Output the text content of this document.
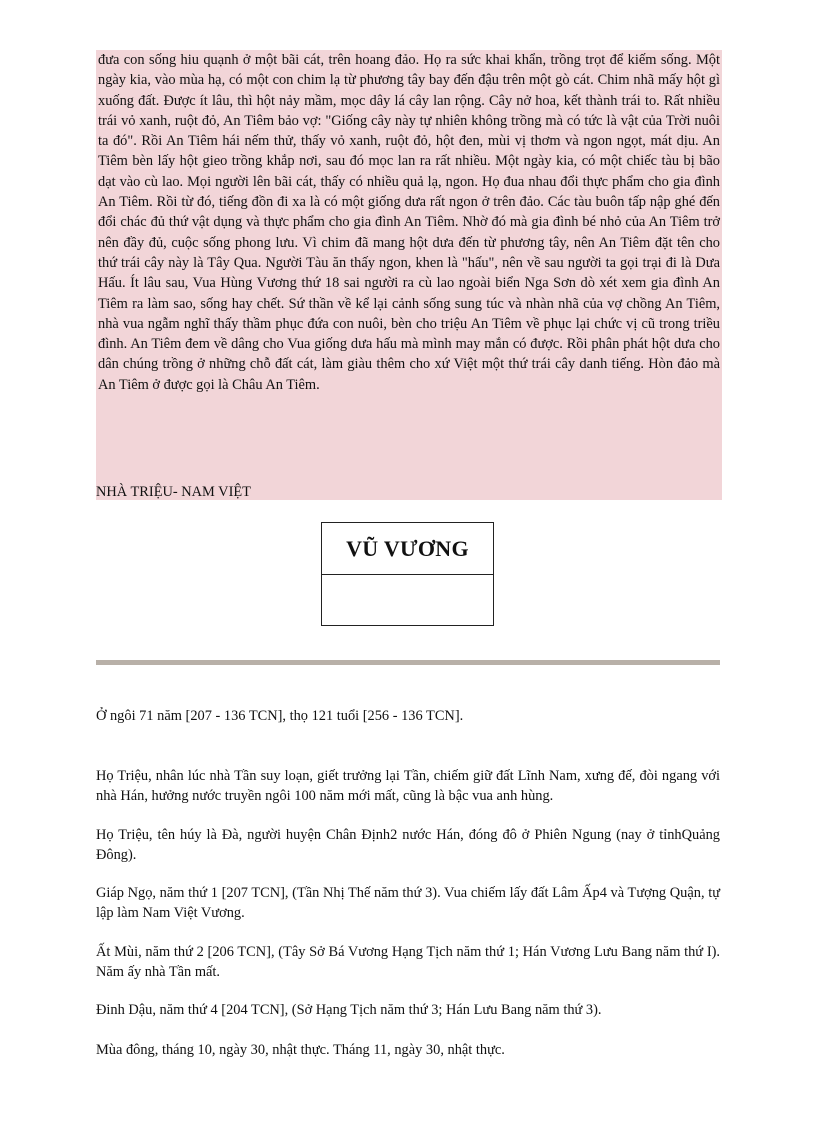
đưa con sống hiu quạnh ở một bãi cát, trên hoang đảo. Họ ra sức khai khẩn, trồng trọt để kiếm sống. Một ngày kia, vào mùa hạ, có một con chim lạ từ phương tây bay đến đậu trên một gò cát. Chim nhã mấy hột gì xuống đất. Được ít lâu, thì hột nảy mầm, mọc dây lá cây lan rộng. Cây nở hoa, kết thành trái to. Rất nhiều trái vỏ xanh, ruột đỏ, An Tiêm bảo vợ: "Giống cây này tự nhiên không trồng mà có tức là vật của Trời nuôi ta đó". Rồi An Tiêm hái nếm thử, thấy vỏ xanh, ruột đỏ, hột đen, mùi vị thơm và ngon ngọt, mát dịu. An Tiêm bèn lấy hột gieo trồng khắp nơi, sau đó mọc lan ra rất nhiều. Một ngày kia, có một chiếc tàu bị bão dạt vào cù lao. Mọi người lên bãi cát, thấy có nhiều quả lạ, ngon. Họ đua nhau đổi thực phẩm cho gia đình An Tiêm. Rồi từ đó, tiếng đồn đi xa là có một giống dưa rất ngon ở trên đảo. Các tàu buôn tấp nập ghé đến đổi chác đủ thứ vật dụng và thực phẩm cho gia đình An Tiêm. Nhờ đó mà gia đình bé nhỏ của An Tiêm trở nên đầy đủ, cuộc sống phong lưu. Vì chim đã mang hột dưa đến từ phương tây, nên An Tiêm đặt tên cho thứ trái cây này là Tây Qua. Người Tàu ăn thấy ngon, khen là "hấu", nên về sau người ta gọi trại đi là Dưa Hấu. Ít lâu sau, Vua Hùng Vương thứ 18 sai người ra cù lao ngoài biển Nga Sơn dò xét xem gia đình An Tiêm ra làm sao, sống hay chết. Sứ thần về kể lại cảnh sống sung túc và nhàn nhã của vợ chồng An Tiêm, nhà vua ngẫm nghĩ thấy thầm phục đứa con nuôi, bèn cho triệu An Tiêm về phục lại chức vị cũ trong triều đình. An Tiêm đem về dâng cho Vua giống dưa hấu mà mình may mắn có được. Rồi phân phát hột dưa cho dân chúng trồng ở những chỗ đất cát, làm giàu thêm cho xứ Việt một thứ trái cây danh tiếng. Hòn đảo mà An Tiêm ở được gọi là Châu An Tiêm.

NHÀ TRIỆU- NAM VIỆT

VŨ VƯƠNG

Ở ngôi 71 năm [207 - 136 TCN], thọ 121 tuổi [256 - 136 TCN].

Họ Triệu, nhân lúc nhà Tần suy loạn, giết trưởng lại Tần, chiếm giữ đất Lĩnh Nam, xưng đế, đòi ngang với nhà Hán, hưởng nước truyền ngôi 100 năm mới mất, cũng là bậc vua anh hùng.

Họ Triệu, tên húy là Đà, người huyện Chân Định2 nước Hán, đóng đô ở Phiên Ngung (nay ở tỉnhQuảng Đông).

Giáp Ngọ, năm thứ 1 [207 TCN], (Tần Nhị Thế năm thứ 3). Vua chiếm lấy đất Lâm Ấp4 và Tượng Quận, tự lập làm Nam Việt Vương.

Ất Mùi, năm thứ 2 [206 TCN], (Tây Sở Bá Vương Hạng Tịch năm thứ 1; Hán Vương Lưu Bang năm thứ I). Năm ấy nhà Tần mất.

Đinh Dậu, năm thứ 4 [204 TCN], (Sở Hạng Tịch năm thứ 3; Hán Lưu Bang năm thứ 3).

Mùa đông, tháng 10, ngày 30, nhật thực. Tháng 11, ngày 30, nhật thực.
